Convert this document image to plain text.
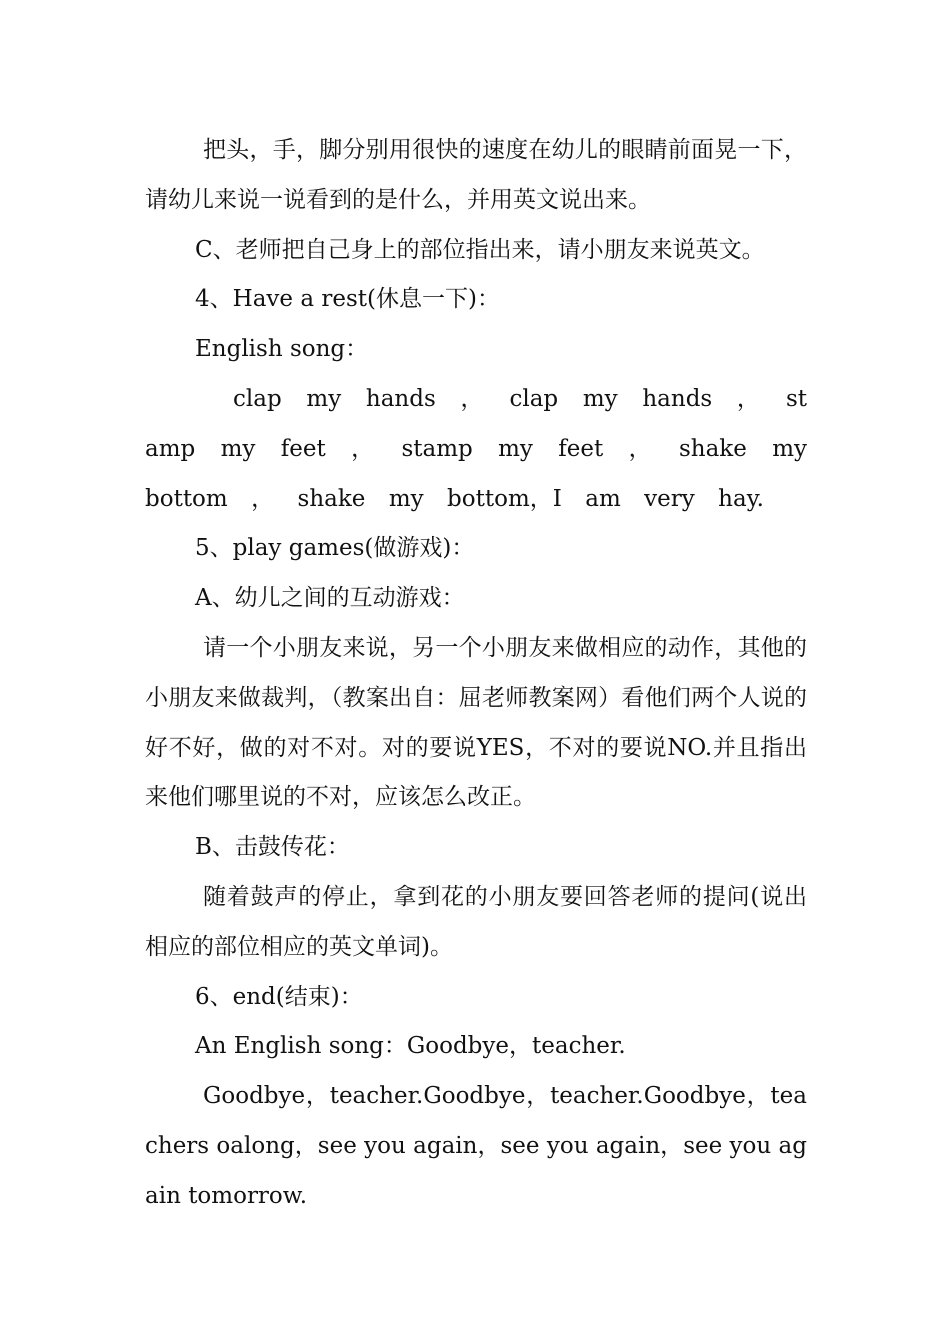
把头，手，脚分别用很快的速度在幼儿的眼睛前面晃一下，请幼儿来说一说看到的是什么，并用英文说出来。

C、老师把自己身上的部位指出来，请小朋友来说英文。

4、Have a rest(休息一下)：

English song：

clap my hands ， clap my hands ， stamp my feet ， stamp my feet ， shake my bottom ， shake my bottom，I am very hay.

5、play games(做游戏)：

A、幼儿之间的互动游戏：

请一个小朋友来说，另一个小朋友来做相应的动作，其他的小朋友来做裁判，（教案出自：屈老师教案网）看他们两个人说的好不好，做的对不对。对的要说YES，不对的要说NO.并且指出来他们哪里说的不对，应该怎么改正。

B、击鼓传花：

随着鼓声的停止，拿到花的小朋友要回答老师的提问(说出相应的部位相应的英文单词)。

6、end(结束)：

An English song：Goodbye，teacher.

Goodbye，teacher.Goodbye，teacher.Goodbye，teachers oalong，see you again，see you again，see you again tomorrow.
